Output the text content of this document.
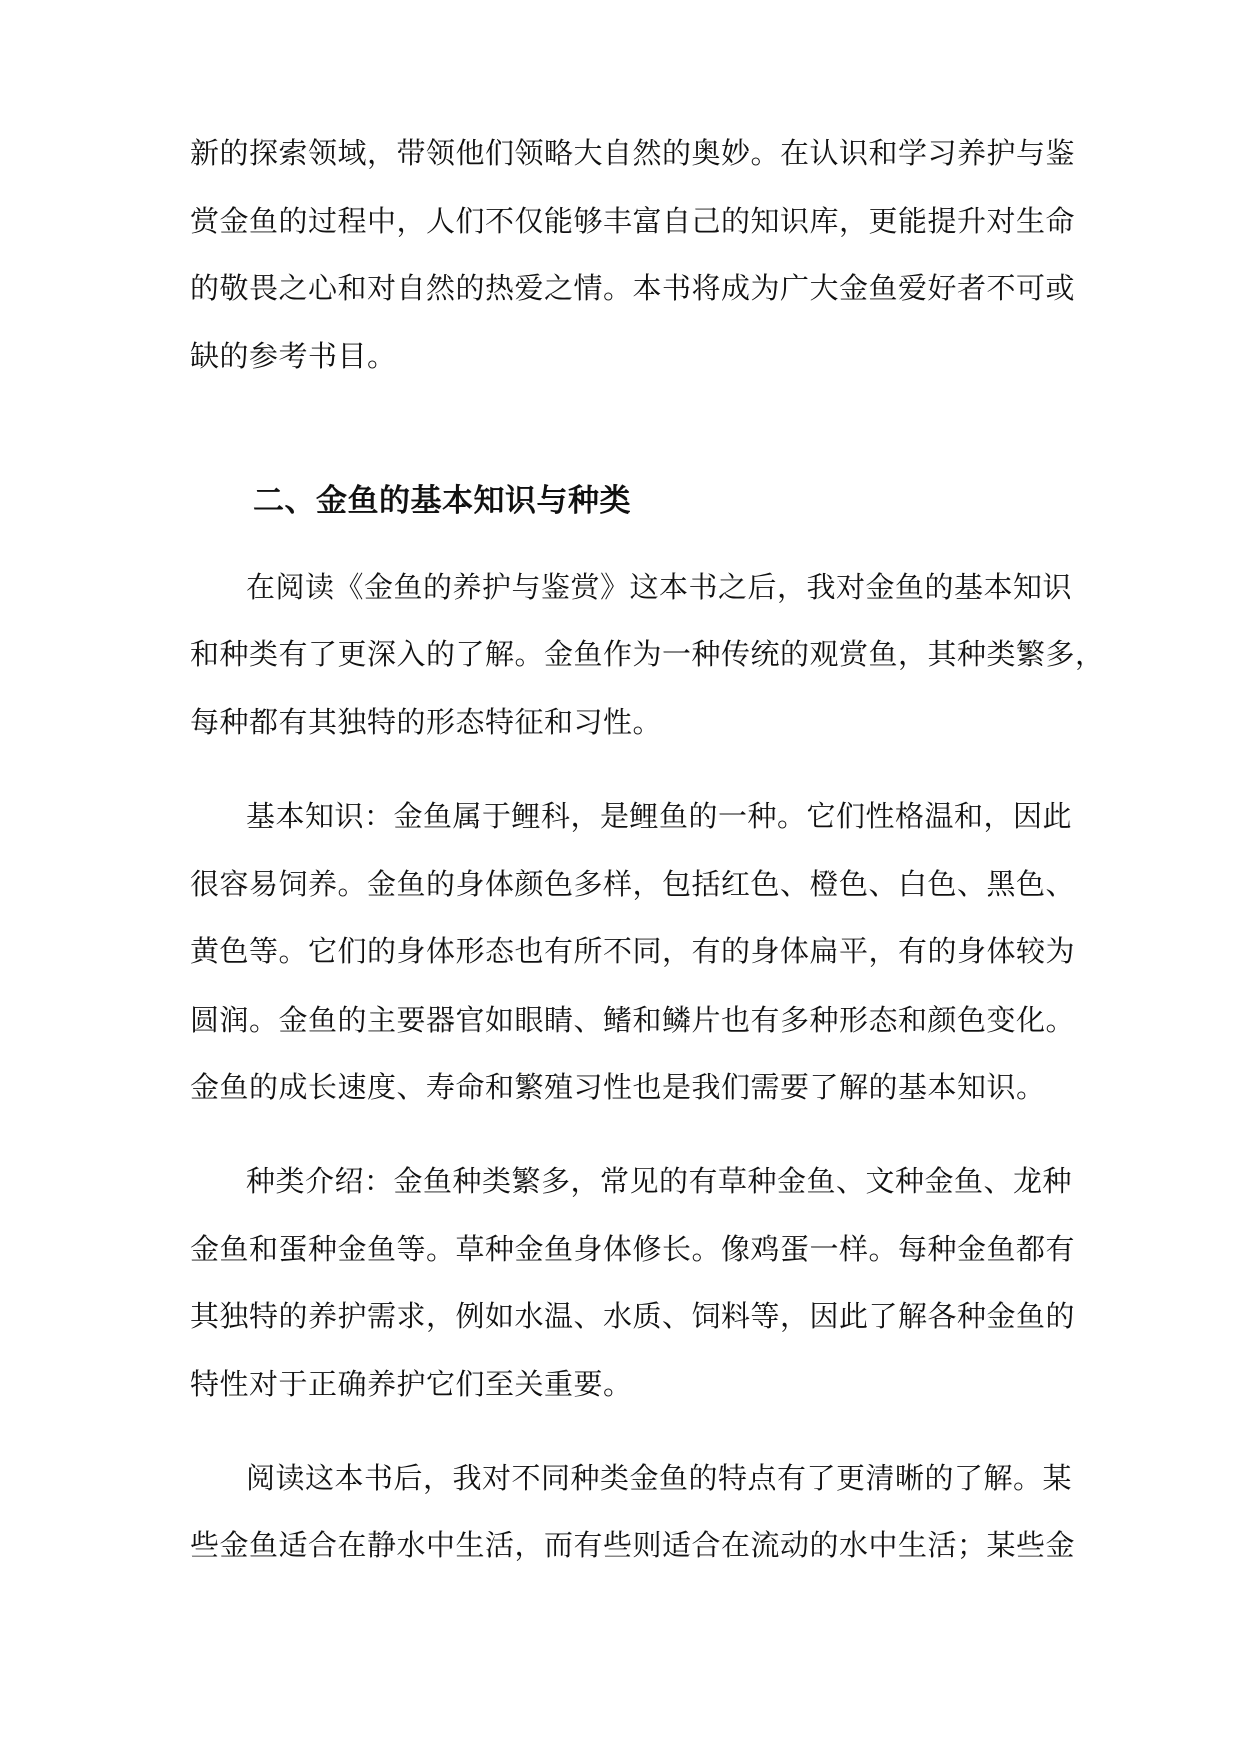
新的探索领域，带领他们领略大自然的奥妙。在认识和学习养护与鉴
赏金鱼的过程中，人们不仅能够丰富自己的知识库，更能提升对生命
的敬畏之心和对自然的热爱之情。本书将成为广大金鱼爱好者不可或
缺的参考书目。
二、金鱼的基本知识与种类
在阅读《金鱼的养护与鉴赏》这本书之后，我对金鱼的基本知识
和种类有了更深入的了解。金鱼作为一种传统的观赏鱼，其种类繁多，
每种都有其独特的形态特征和习性。
基本知识：金鱼属于鲤科，是鲤鱼的一种。它们性格温和，因此
很容易饲养。金鱼的身体颜色多样，包括红色、橙色、白色、黑色、
黄色等。它们的身体形态也有所不同，有的身体扁平，有的身体较为
圆润。金鱼的主要器官如眼睛、鳍和鳞片也有多种形态和颜色变化。
金鱼的成长速度、寿命和繁殖习性也是我们需要了解的基本知识。
种类介绍：金鱼种类繁多，常见的有草种金鱼、文种金鱼、龙种
金鱼和蛋种金鱼等。草种金鱼身体修长。像鸡蛋一样。每种金鱼都有
其独特的养护需求，例如水温、水质、饲料等，因此了解各种金鱼的
特性对于正确养护它们至关重要。
阅读这本书后，我对不同种类金鱼的特点有了更清晰的了解。某
些金鱼适合在静水中生活，而有些则适合在流动的水中生活；某些金
